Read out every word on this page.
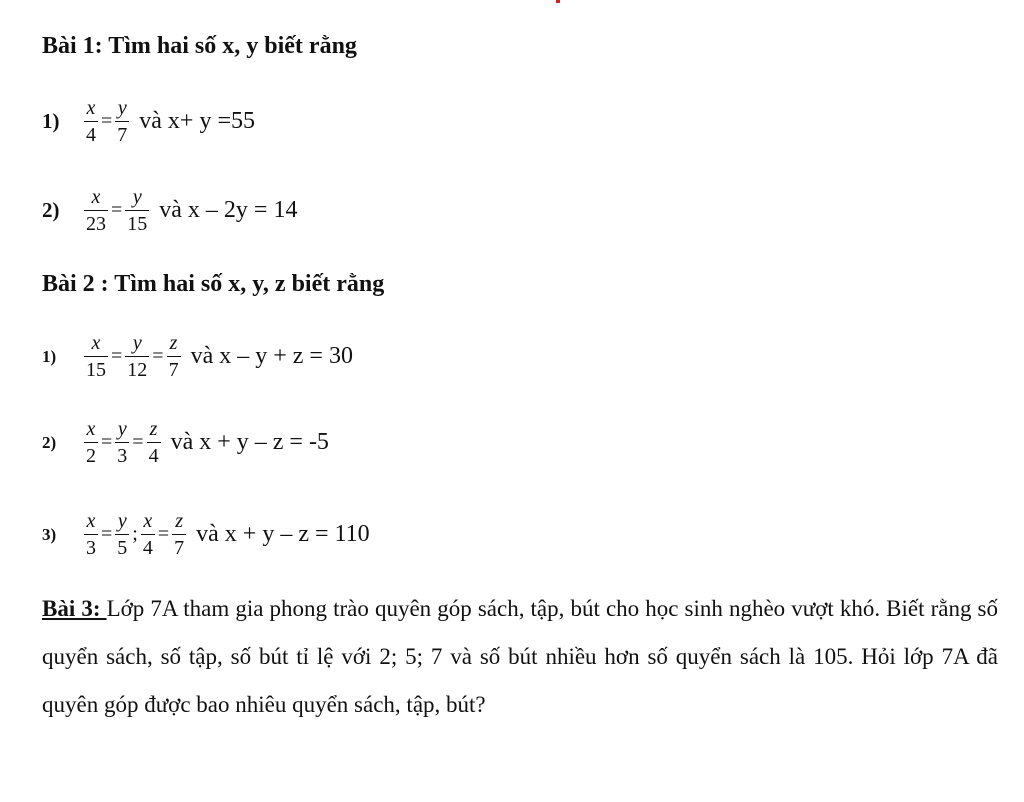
Bài 1: Tìm hai số x, y biết rằng
1)	$\frac{x}{4} = \frac{y}{7}$ và x+ y =55
2)	$\frac{x}{23} = \frac{y}{15}$ và x – 2y = 14
Bài 2 : Tìm hai số x, y, z biết rằng
1)	$\frac{x}{15} = \frac{y}{12} = \frac{z}{7}$ và x – y + z = 30
2)	$\frac{x}{2} = \frac{y}{3} = \frac{z}{4}$ và x + y – z = -5
3)	$\frac{x}{3} = \frac{y}{5}$ ; $\frac{x}{4} = \frac{z}{7}$ và x + y – z = 110
Bài 3: Lớp 7A tham gia phong trào quyên góp sách, tập, bút cho học sinh nghèo vượt khó. Biết rằng số quyển sách, số tập, số bút tỉ lệ với 2; 5; 7 và số bút nhiều hơn số quyển sách là 105. Hỏi lớp 7A đã quyên góp được bao nhiêu quyển sách, tập, bút?
